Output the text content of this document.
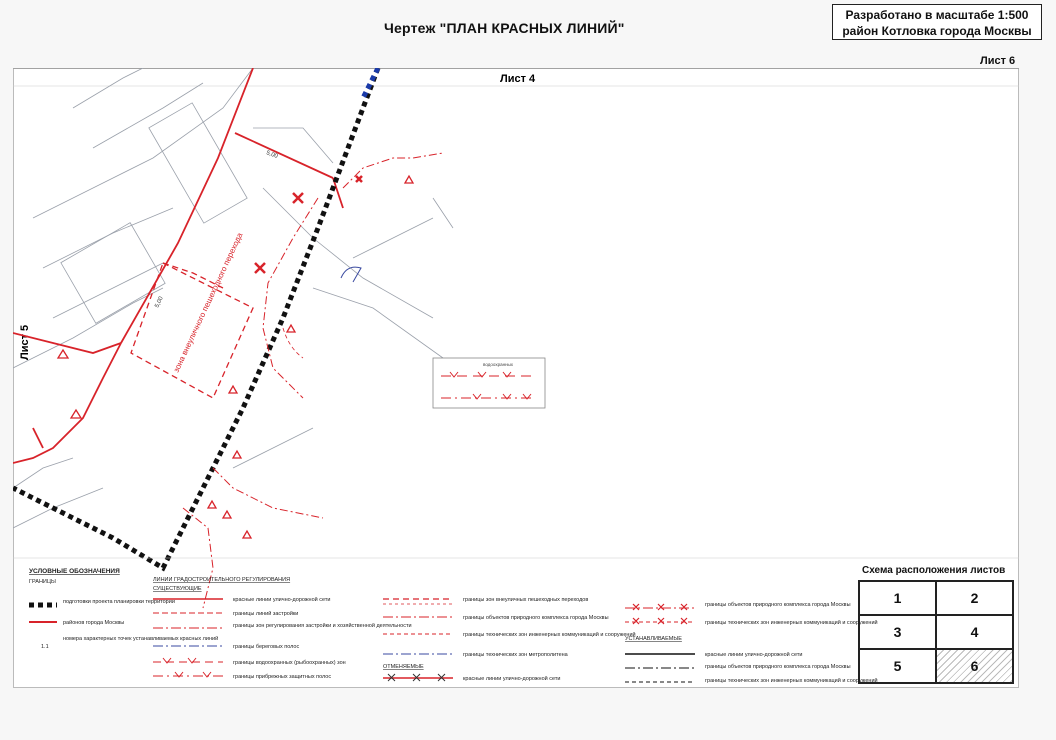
Чертеж "ПЛАН КРАСНЫХ ЛИНИЙ"
Разработано в масштабе 1:500
район Котловка города Москвы
Лист 6
Лист 4
Лист 5	зона внеуличного пешеходного перехода
5,00
5,00
водоохранных
УСЛОВНЫЕ ОБОЗНАЧЕНИЯ
ГРАНИЦЫ
подготовки проекта планировки территории
районов города Москвы
1.1
номера характерных точек устанавливаемых красных линий
ЛИНИИ ГРАДОСТРОИТЕЛЬНОГО РЕГУЛИРОВАНИЯ
СУЩЕСТВУЮЩИЕ
красные линии улично-дорожной сети
границы линий застройки
границы зон регулирования застройки и хозяйственной деятельности
границы береговых полос
границы водоохранных (рыбоохранных) зон
границы прибрежных защитных полос
границы зон внеуличных пешеходных переходов
границы объектов природного комплекса города Москвы
границы технических зон инженерных коммуникаций и сооружений
границы технических зон метрополитена
ОТМЕНЯЕМЫЕ
красные линии улично-дорожной сети
границы объектов природного комплекса города Москвы
границы технических зон инженерных коммуникаций и сооружений
УСТАНАВЛИВАЕМЫЕ
красные линии улично-дорожной сети
границы объектов природного комплекса города Москвы
границы технических зон инженерных коммуникаций и сооружений
Схема расположения листов
1	2
3	4
5	6
